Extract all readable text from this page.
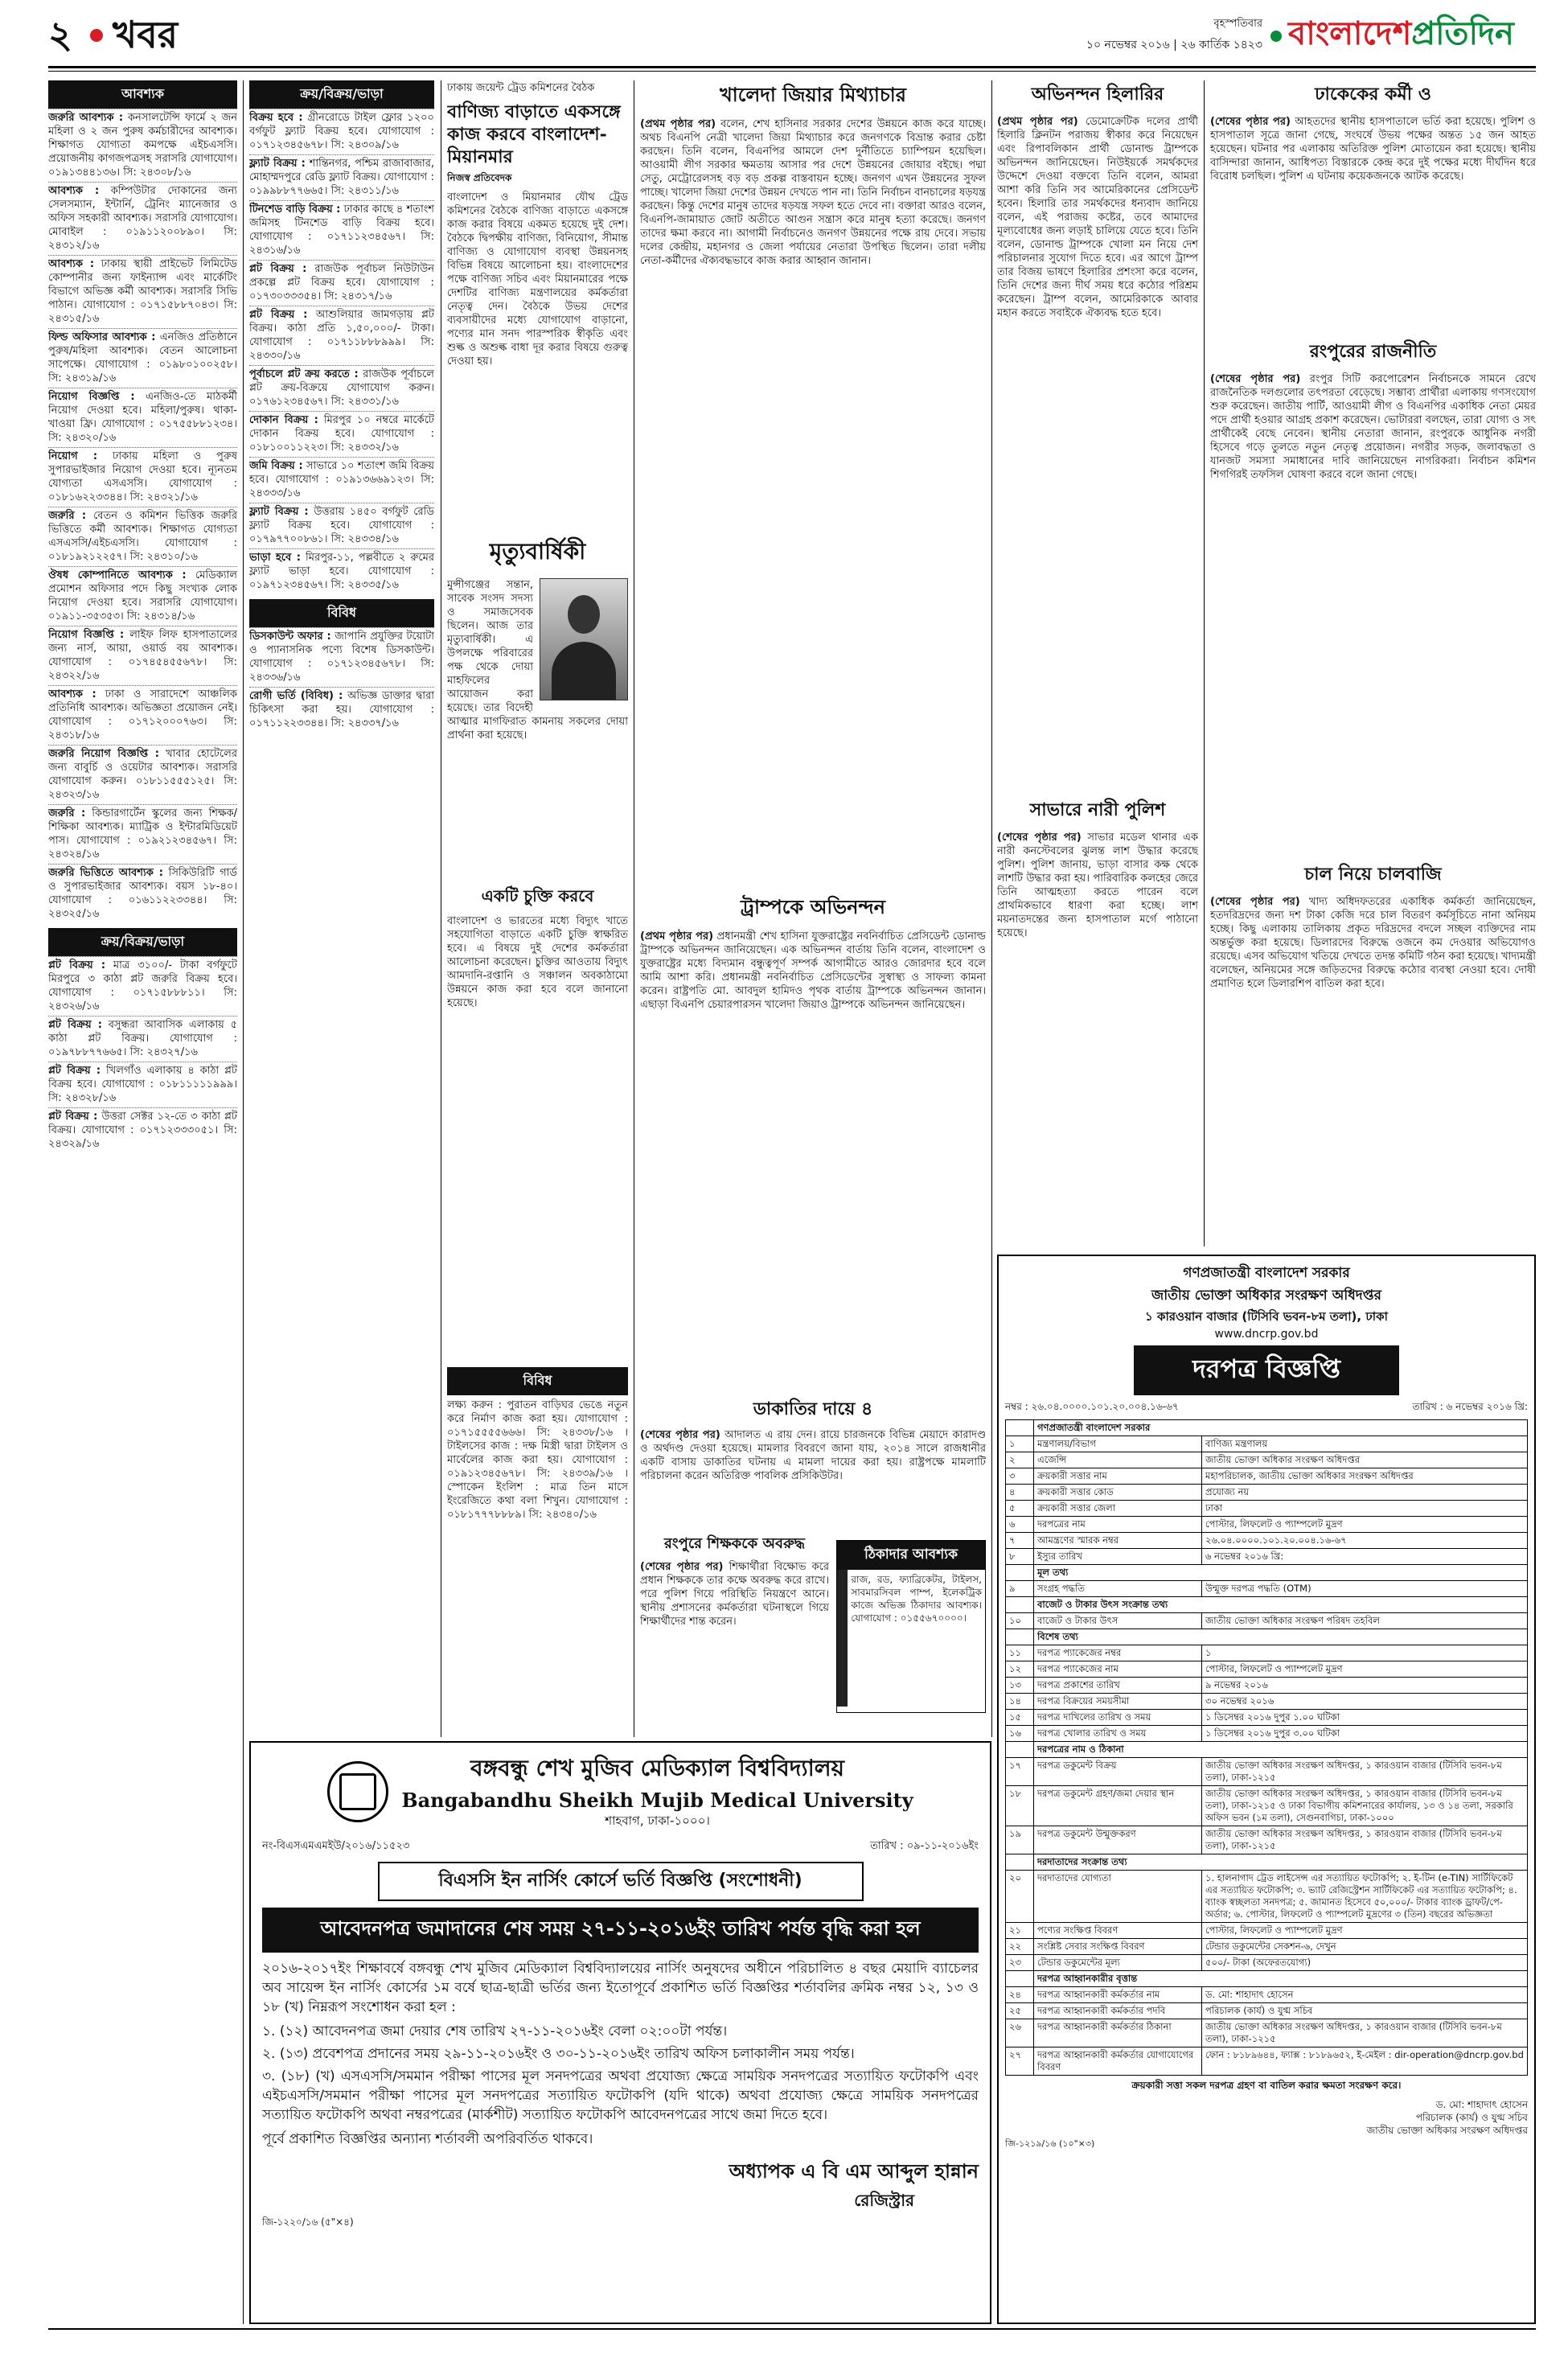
২ খবর	বৃহস্পতিবার
১০ নভেম্বর ২০১৬ | ২৬ কার্তিক ১৪২৩ বাংলাদেশপ্রতিদিন
আবশ্যক
জরুরি আবশ্যক : কনসালটেন্সি ফার্মে ২ জন মহিলা ও ২ জন পুরুষ কর্মচারীদের আবশ্যক। শিক্ষাগত যোগ্যতা কমপক্ষে এইচএসসি। প্রয়োজনীয় কাগজপত্রসহ সরাসরি যোগাযোগ। ০১৯১৩৪৪১৩৬। সি: ২৪৩০৮/১৬
আবশ্যক : কম্পিউটার দোকানের জন্য সেলসম্যান, ইন্টার্নি, ট্রেনিং ম্যানেজার ও অফিস সহকারী আবশ্যক। সরাসরি যোগাযোগ। মোবাইল : ০১৯১১২০০৮৯০। সি: ২৪৩১২/১৬
আবশ্যক : ঢাকায় স্থায়ী প্রাইভেট লিমিটেড কোম্পানীর জন্য ফাইন্যান্স এবং মার্কেটিং বিভাগে অভিজ্ঞ কর্মী আবশ্যক। সরাসরি সিভি পাঠান। যোগাযোগ : ০১৭১৫৮৮৭০৪৩। সি: ২৪৩১৫/১৬
ফিল্ড অফিসার আবশ্যক : এনজিও প্রতিষ্ঠানে পুরুষ/মহিলা আবশ্যক। বেতন আলোচনা সাপেক্ষে। যোগাযোগ : ০১৯৮০১০০২৫৮। সি: ২৪৩১৯/১৬
নিয়োগ বিজ্ঞপ্তি : এনজিও-তে মাঠকর্মী নিয়োগ দেওয়া হবে। মহিলা/পুরুষ। থাকা-খাওয়া ফ্রি। যোগাযোগ : ০১৭৫৫৮৮১২৩৪। সি: ২৪৩২০/১৬
নিয়োগ : ঢাকায় মহিলা ও পুরুষ সুপারভাইজার নিয়োগ দেওয়া হবে। ন্যূনতম যোগ্যতা এসএসসি। যোগাযোগ : ০১৮১৬২২৩৩৪৪। সি: ২৪৩২১/১৬
জরুরি : বেতন ও কমিশন ভিত্তিক জরুরি ভিত্তিতে কর্মী আবশ্যক। শিক্ষাগত যোগ্যতা এসএসসি/এইচএসসি। যোগাযোগ : ০১৮১৯২১২২৫৭। সি: ২৪৩১০/১৬
ঔষধ কোম্পানিতে আবশ্যক : মেডিক্যাল প্রমোশন অফিসার পদে কিছু সংখ্যক লোক নিয়োগ দেওয়া হবে। সরাসরি যোগাযোগ। ০১৯১১-৩৫৩৫৩। সি: ২৪৩১৪/১৬
নিয়োগ বিজ্ঞপ্তি : লাইফ লিফ হাসপাতালের জন্য নার্স, আয়া, ওয়ার্ড বয় আবশ্যক। যোগাযোগ : ০১৭৪৫৪৫৫৬৭৮। সি: ২৪৩২২/১৬
আবশ্যক : ঢাকা ও সারাদেশে আঞ্চলিক প্রতিনিধি আবশ্যক। অভিজ্ঞতা প্রয়োজন নেই। যোগাযোগ : ০১৭১২০০০৭৬৩। সি: ২৪৩১৮/১৬
জরুরি নিয়োগ বিজ্ঞপ্তি : খাবার হোটেলের জন্য বাবুর্চি ও ওয়েটার আবশ্যক। সরাসরি যোগাযোগ করুন। ০১৮১১৫৫৫১২৫। সি: ২৪৩২৩/১৬
জরুরি : কিন্ডারগার্টেন স্কুলের জন্য শিক্ষক/শিক্ষিকা আবশ্যক। ম্যাট্রিক ও ইন্টারমিডিয়েট পাস। যোগাযোগ : ০১৯২১২৩৪৫৬৭। সি: ২৪৩২৪/১৬
জরুরি ভিত্তিতে আবশ্যক : সিকিউরিটি গার্ড ও সুপারভাইজার আবশ্যক। বয়স ১৮-৪০। যোগাযোগ : ০১৬১১২২৩৩৪৪। সি: ২৪৩২৫/১৬
ক্রয়/বিক্রয়/ভাড়া
প্লট বিক্রয় : মাত্র ৩১০০/- টাকা বর্গফুটে মিরপুরে ৩ কাঠা প্লট জরুরি বিক্রয় হবে। যোগাযোগ : ০১৭১৫৮৮৮১১। সি: ২৪৩২৬/১৬
প্লট বিক্রয় : বসুন্ধরা আবাসিক এলাকায় ৫ কাঠা প্লট বিক্রয়। যোগাযোগ : ০১৯৭৮৮৭৭৬৬৫। সি: ২৪৩২৭/১৬
প্লট বিক্রয় : খিলগাঁও এলাকায় ৪ কাঠা প্লট বিক্রয় হবে। যোগাযোগ : ০১৮১১১১১৯৯৯। সি: ২৪৩২৮/১৬
প্লট বিক্রয় : উত্তরা সেক্টর ১২-তে ৩ কাঠা প্লট বিক্রয়। যোগাযোগ : ০১৭১২৩৩৩০৫১। সি: ২৪৩২৯/১৬
ক্রয়/বিক্রয়/ভাড়া
বিক্রয় হবে : গ্রীনরোডে টাইল ফ্লোর ১২০০ বর্গফুট ফ্ল্যাট বিক্রয় হবে। যোগাযোগ : ০১৭১২৩৪৫৬৭৮। সি: ২৪৩০৯/১৬
ফ্ল্যাট বিক্রয় : শান্তিনগর, পশ্চিম রাজাবাজার, মোহাম্মদপুরে রেডি ফ্ল্যাট বিক্রয়। যোগাযোগ : ০১৯৯৮৮৭৭৬৬৫। সি: ২৪৩১১/১৬
টিনশেড বাড়ি বিক্রয় : ঢাকার কাছে ৪ শতাংশ জমিসহ টিনশেড বাড়ি বিক্রয় হবে। যোগাযোগ : ০১৭১১২৩৪৫৬৭। সি: ২৪৩১৬/১৬
প্লট বিক্রয় : রাজউক পূর্বাচল নিউটাউন প্রকল্পে প্লট বিক্রয় হবে। যোগাযোগ : ০১৭৩০৩৩৩৫৪। সি: ২৪৩১৭/১৬
প্লট বিক্রয় : আশুলিয়ার জামগড়ায় প্লট বিক্রয়। কাঠা প্রতি ১,৫০,০০০/- টাকা। যোগাযোগ : ০১৭১১৮৮৮৯৯৯। সি: ২৪৩৩০/১৬
পূর্বাচলে প্লট ক্রয় করতে : রাজউক পূর্বাচলে প্লট ক্রয়-বিক্রয়ে যোগাযোগ করুন। ০১৭৬১২৩৪৫৬৭। সি: ২৪৩৩১/১৬
দোকান বিক্রয় : মিরপুর ১০ নম্বরে মার্কেটে দোকান বিক্রয় হবে। যোগাযোগ : ০১৮১০০১১২২৩। সি: ২৪৩৩২/১৬
জমি বিক্রয় : সাভারে ১০ শতাংশ জমি বিক্রয় হবে। যোগাযোগ : ০১৯১৩৬৬৯১২৩। সি: ২৪৩৩৩/১৬
ফ্ল্যাট বিক্রয় : উত্তরায় ১৪৫০ বর্গফুট রেডি ফ্ল্যাট বিক্রয় হবে। যোগাযোগ : ০১৭৯৭৭০০৮৬১। সি: ২৪৩৩৪/১৬
ভাড়া হবে : মিরপুর-১১, পল্লবীতে ২ রুমের ফ্ল্যাট ভাড়া হবে। যোগাযোগ : ০১৯৭১২৩৪৫৬৭। সি: ২৪৩৩৫/১৬
বিবিধ
ডিসকাউন্ট অফার : জাপানি প্রযুক্তির টয়োটা ও প্যানাসনিক পণ্যে বিশেষ ডিসকাউন্ট। যোগাযোগ : ০১৭১২৩৪৫৬৭৮। সি: ২৪৩৩৬/১৬
রোগী ভর্তি (বিবিধ) : অভিজ্ঞ ডাক্তার দ্বারা চিকিৎসা করা হয়। যোগাযোগ : ০১৭১১২২৩৩৪৪। সি: ২৪৩৩৭/১৬
ঢাকায় জয়েন্ট ট্রেড কমিশনের বৈঠক
বাণিজ্য বাড়াতে একসঙ্গে কাজ করবে বাংলাদেশ-মিয়ানমার
নিজস্ব প্রতিবেদক

বাংলাদেশ ও মিয়ানমার যৌথ ট্রেড কমিশনের বৈঠকে বাণিজ্য বাড়াতে একসঙ্গে কাজ করার বিষয়ে একমত হয়েছে দুই দেশ। বৈঠকে দ্বিপক্ষীয় বাণিজ্য, বিনিয়োগ, সীমান্ত বাণিজ্য ও যোগাযোগ ব্যবস্থা উন্নয়নসহ বিভিন্ন বিষয়ে আলোচনা হয়। বাংলাদেশের পক্ষে বাণিজ্য সচিব এবং মিয়ানমারের পক্ষে দেশটির বাণিজ্য মন্ত্রণালয়ের কর্মকর্তারা নেতৃত্ব দেন। বৈঠকে উভয় দেশের ব্যবসায়ীদের মধ্যে যোগাযোগ বাড়ানো, পণ্যের মান সনদ পারস্পরিক স্বীকৃতি এবং শুল্ক ও অশুল্ক বাধা দূর করার বিষয়ে গুরুত্ব দেওয়া হয়।

মৃত্যুবার্ষিকী

মুন্সীগঞ্জের সন্তান, সাবেক সংসদ সদস্য ও সমাজসেবক ছিলেন। আজ তার মৃত্যুবার্ষিকী। এ উপলক্ষে পরিবারের পক্ষ থেকে দোয়া মাহফিলের আয়োজন করা হয়েছে। তার বিদেহী আত্মার মাগফিরাত কামনায় সকলের দোয়া প্রার্থনা করা হয়েছে।

একটি চুক্তি করবে

বাংলাদেশ ও ভারতের মধ্যে বিদ্যুৎ খাতে সহযোগিতা বাড়াতে একটি চুক্তি স্বাক্ষরিত হবে। এ বিষয়ে দুই দেশের কর্মকর্তারা আলোচনা করেছেন। চুক্তির আওতায় বিদ্যুৎ আমদানি-রপ্তানি ও সঞ্চালন অবকাঠামো উন্নয়নে কাজ করা হবে বলে জানানো হয়েছে।

বিবিধ

লক্ষ্য করুন : পুরাতন বাড়িঘর ভেঙে নতুন করে নির্মাণ কাজ করা হয়। যোগাযোগ : ০১৭১৫৫৫৫৬৬৬। সি: ২৪৩৩৮/১৬ । টাইলসের কাজ : দক্ষ মিস্ত্রী দ্বারা টাইলস ও মার্বেলের কাজ করা হয়। যোগাযোগ : ০১৯১২৩৪৫৬৭৮। সি: ২৪৩৩৯/১৬ । স্পোকেন ইংলিশ : মাত্র তিন মাসে ইংরেজিতে কথা বলা শিখুন। যোগাযোগ : ০১৮১৭৭৭৮৮৮৯। সি: ২৪৩৪০/১৬

খালেদা জিয়ার মিথ্যাচার

(প্রথম পৃষ্ঠার পর) বলেন, শেখ হাসিনার সরকার দেশের উন্নয়নে কাজ করে যাচ্ছে। অথচ বিএনপি নেত্রী খালেদা জিয়া মিথ্যাচার করে জনগণকে বিভ্রান্ত করার চেষ্টা করছেন। তিনি বলেন, বিএনপির আমলে দেশ দুর্নীতিতে চ্যাম্পিয়ন হয়েছিল। আওয়ামী লীগ সরকার ক্ষমতায় আসার পর দেশে উন্নয়নের জোয়ার বইছে। পদ্মা সেতু, মেট্রোরেলসহ বড় বড় প্রকল্প বাস্তবায়ন হচ্ছে। জনগণ এখন উন্নয়নের সুফল পাচ্ছে। খালেদা জিয়া দেশের উন্নয়ন দেখতে পান না। তিনি নির্বাচন বানচালের ষড়যন্ত্র করছেন। কিন্তু দেশের মানুষ তাদের ষড়যন্ত্র সফল হতে দেবে না। বক্তারা আরও বলেন, বিএনপি-জামায়াত জোট অতীতে আগুন সন্ত্রাস করে মানুষ হত্যা করেছে। জনগণ তাদের ক্ষমা করবে না। আগামী নির্বাচনেও জনগণ উন্নয়নের পক্ষে রায় দেবে। সভায় দলের কেন্দ্রীয়, মহানগর ও জেলা পর্যায়ের নেতারা উপস্থিত ছিলেন। তারা দলীয় নেতা-কর্মীদের ঐক্যবদ্ধভাবে কাজ করার আহ্বান জানান।

ট্রাম্পকে অভিনন্দন

(প্রথম পৃষ্ঠার পর) প্রধানমন্ত্রী শেখ হাসিনা যুক্তরাষ্ট্রের নবনির্বাচিত প্রেসিডেন্ট ডোনাল্ড ট্রাম্পকে অভিনন্দন জানিয়েছেন। এক অভিনন্দন বার্তায় তিনি বলেন, বাংলাদেশ ও যুক্তরাষ্ট্রের মধ্যে বিদ্যমান বন্ধুত্বপূর্ণ সম্পর্ক আগামীতে আরও জোরদার হবে বলে আমি আশা করি। প্রধানমন্ত্রী নবনির্বাচিত প্রেসিডেন্টের সুস্বাস্থ্য ও সাফল্য কামনা করেন। রাষ্ট্রপতি মো. আবদুল হামিদও পৃথক বার্তায় ট্রাম্পকে অভিনন্দন জানান। এছাড়া বিএনপি চেয়ারপারসন খালেদা জিয়াও ট্রাম্পকে অভিনন্দন জানিয়েছেন।

ডাকাতির দায়ে ৪

(শেষের পৃষ্ঠার পর) আদালত এ রায় দেন। রায়ে চারজনকে বিভিন্ন মেয়াদে কারাদণ্ড ও অর্থদণ্ড দেওয়া হয়েছে। মামলার বিবরণে জানা যায়, ২০১৪ সালে রাজধানীর একটি বাসায় ডাকাতির ঘটনায় এ মামলা দায়ের করা হয়। রাষ্ট্রপক্ষে মামলাটি পরিচালনা করেন অতিরিক্ত পাবলিক প্রসিকিউটর।

রংপুরে শিক্ষককে অবরুদ্ধ

(শেষের পৃষ্ঠার পর) শিক্ষার্থীরা বিক্ষোভ করে প্রধান শিক্ষককে তার কক্ষে অবরুদ্ধ করে রাখে। পরে পুলিশ গিয়ে পরিস্থিতি নিয়ন্ত্রণে আনে। স্থানীয় প্রশাসনের কর্মকর্তারা ঘটনাস্থলে গিয়ে শিক্ষার্থীদের শান্ত করেন।

ঠিকাদার আবশ্যক

রাজ, রড, ফ্যাব্রিকেটর, টাইলস, সাবমারসিবল পাম্প, ইলেকট্রিক কাজে অভিজ্ঞ ঠিকাদার আবশ্যক। যোগাযোগ : ০১৫৫৬৭০০০০।

অভিনন্দন হিলারির

(প্রথম পৃষ্ঠার পর) ডেমোক্রেটিক দলের প্রার্থী হিলারি ক্লিনটন পরাজয় স্বীকার করে নিয়েছেন এবং রিপাবলিকান প্রার্থী ডোনাল্ড ট্রাম্পকে অভিনন্দন জানিয়েছেন। নিউইয়র্কে সমর্থকদের উদ্দেশে দেওয়া বক্তব্যে তিনি বলেন, আমরা আশা করি তিনি সব আমেরিকানের প্রেসিডেন্ট হবেন। হিলারি তার সমর্থকদের ধন্যবাদ জানিয়ে বলেন, এই পরাজয় কষ্টের, তবে আমাদের মূল্যবোধের জন্য লড়াই চালিয়ে যেতে হবে। তিনি বলেন, ডোনাল্ড ট্রাম্পকে খোলা মন নিয়ে দেশ পরিচালনার সুযোগ দিতে হবে। এর আগে ট্রাম্প তার বিজয় ভাষণে হিলারির প্রশংসা করে বলেন, তিনি দেশের জন্য দীর্ঘ সময় ধরে কঠোর পরিশ্রম করেছেন। ট্রাম্প বলেন, আমেরিকাকে আবার মহান করতে সবাইকে ঐক্যবদ্ধ হতে হবে।

সাভারে নারী পুলিশ

(শেষের পৃষ্ঠার পর) সাভার মডেল থানার এক নারী কনস্টেবলের ঝুলন্ত লাশ উদ্ধার করেছে পুলিশ। পুলিশ জানায়, ভাড়া বাসার কক্ষ থেকে লাশটি উদ্ধার করা হয়। পারিবারিক কলহের জেরে তিনি আত্মহত্যা করতে পারেন বলে প্রাথমিকভাবে ধারণা করা হচ্ছে। লাশ ময়নাতদন্তের জন্য হাসপাতাল মর্গে পাঠানো হয়েছে।

ঢাকেকের কর্মী ও

(শেষের পৃষ্ঠার পর) আহতদের স্থানীয় হাসপাতালে ভর্তি করা হয়েছে। পুলিশ ও হাসপাতাল সূত্রে জানা গেছে, সংঘর্ষে উভয় পক্ষের অন্তত ১৫ জন আহত হয়েছেন। ঘটনার পর এলাকায় অতিরিক্ত পুলিশ মোতায়েন করা হয়েছে। স্থানীয় বাসিন্দারা জানান, আধিপত্য বিস্তারকে কেন্দ্র করে দুই পক্ষের মধ্যে দীর্ঘদিন ধরে বিরোধ চলছিল। পুলিশ এ ঘটনায় কয়েকজনকে আটক করেছে।

রংপুরের রাজনীতি

(শেষের পৃষ্ঠার পর) রংপুর সিটি করপোরেশন নির্বাচনকে সামনে রেখে রাজনৈতিক দলগুলোর তৎপরতা বেড়েছে। সম্ভাব্য প্রার্থীরা এলাকায় গণসংযোগ শুরু করেছেন। জাতীয় পার্টি, আওয়ামী লীগ ও বিএনপির একাধিক নেতা মেয়র পদে প্রার্থী হওয়ার আগ্রহ প্রকাশ করেছেন। ভোটাররা বলছেন, তারা যোগ্য ও সৎ প্রার্থীকেই বেছে নেবেন। স্থানীয় নেতারা জানান, রংপুরকে আধুনিক নগরী হিসেবে গড়ে তুলতে নতুন নেতৃত্ব প্রয়োজন। নগরীর সড়ক, জলাবদ্ধতা ও যানজট সমস্যা সমাধানের দাবি জানিয়েছেন নাগরিকরা। নির্বাচন কমিশন শিগগিরই তফসিল ঘোষণা করবে বলে জানা গেছে।

চাল নিয়ে চালবাজি

(শেষের পৃষ্ঠার পর) খাদ্য অধিদফতরের একাধিক কর্মকর্তা জানিয়েছেন, হতদরিদ্রদের জন্য দশ টাকা কেজি দরে চাল বিতরণ কর্মসূচিতে নানা অনিয়ম হচ্ছে। কিছু এলাকায় তালিকায় প্রকৃত দরিদ্রদের বদলে সচ্ছল ব্যক্তিদের নাম অন্তর্ভুক্ত করা হয়েছে। ডিলারদের বিরুদ্ধে ওজনে কম দেওয়ার অভিযোগও রয়েছে। এসব অভিযোগ খতিয়ে দেখতে তদন্ত কমিটি গঠন করা হয়েছে। খাদ্যমন্ত্রী বলেছেন, অনিয়মের সঙ্গে জড়িতদের বিরুদ্ধে কঠোর ব্যবস্থা নেওয়া হবে। দোষী প্রমাণিত হলে ডিলারশিপ বাতিল করা হবে।

গণপ্রজাতন্ত্রী বাংলাদেশ সরকার
জাতীয় ভোক্তা অধিকার সংরক্ষণ অধিদপ্তর
১ কারওয়ান বাজার (টিসিবি ভবন-৮ম তলা), ঢাকা
www.dncrp.gov.bd
দরপত্র বিজ্ঞপ্তি
নম্বর : ২৬.০৪.০০০০.১০১.২০.০০৪.১৬-৬৭	তারিখ : ৬ নভেম্বর ২০১৬ খ্রি:
	গণপ্রজাতন্ত্রী বাংলাদেশ সরকার	
১	মন্ত্রণালয়/বিভাগ	বাণিজ্য মন্ত্রণালয়
২	এজেন্সি	জাতীয় ভোক্তা অধিকার সংরক্ষণ অধিদপ্তর
৩	ক্রয়কারী সত্তার নাম	মহাপরিচালক, জাতীয় ভোক্তা অধিকার সংরক্ষণ অধিদপ্তর
৪	ক্রয়কারী সত্তার কোড	প্রযোজ্য নয়
৫	ক্রয়কারী সত্তার জেলা	ঢাকা
৬	দরপত্রের নাম	পোস্টার, লিফলেট ও প্যাম্পলেট মুদ্রণ
৭	আমন্ত্রণের স্মারক নম্বর	২৬.০৪.০০০০.১০১.২০.০০৪.১৬-৬৭
৮	ইস্যুর তারিখ	৬ নভেম্বর ২০১৬ খ্রি:
	মূল তথ্য	
৯	সংগ্রহ পদ্ধতি	উন্মুক্ত দরপত্র পদ্ধতি (OTM)
	বাজেট ও টাকার উৎস সংক্রান্ত তথ্য	
১০	বাজেট ও টাকার উৎস	জাতীয় ভোক্তা অধিকার সংরক্ষণ পরিষদ তহবিল
	বিশেষ তথ্য	
১১	দরপত্র প্যাকেজের নম্বর	১
১২	দরপত্র প্যাকেজের নাম	পোস্টার, লিফলেট ও প্যাম্পলেট মুদ্রণ
১৩	দরপত্র প্রকাশের তারিখ	৯ নভেম্বর ২০১৬
১৪	দরপত্র বিক্রয়ের সময়সীমা	৩০ নভেম্বর ২০১৬
১৫	দরপত্র দাখিলের তারিখ ও সময়	১ ডিসেম্বর ২০১৬ দুপুর ১.০০ ঘটিকা
১৬	দরপত্র খোলার তারিখ ও সময়	১ ডিসেম্বর ২০১৬ দুপুর ৩.০০ ঘটিকা
	দরপত্রের নাম ও ঠিকানা	
১৭	দরপত্র ডকুমেন্ট বিক্রয়	জাতীয় ভোক্তা অধিকার সংরক্ষণ অধিদপ্তর, ১ কারওয়ান বাজার (টিসিবি ভবন-৮ম তলা), ঢাকা-১২১৫
১৮	দরপত্র ডকুমেন্ট গ্রহণ/জমা দেয়ার স্থান	জাতীয় ভোক্তা অধিকার সংরক্ষণ অধিদপ্তর, ১ কারওয়ান বাজার (টিসিবি ভবন-৮ম তলা), ঢাকা-১২১৫ ও ঢাকা বিভাগীয় কমিশনারের কার্যালয়, ১৩ ও ১৪ তলা, সরকারি অফিস ভবন (১ম তলা), সেগুনবাগিচা, ঢাকা-১০০০
১৯	দরপত্র ডকুমেন্ট উন্মুক্তকরণ	জাতীয় ভোক্তা অধিকার সংরক্ষণ অধিদপ্তর, ১ কারওয়ান বাজার (টিসিবি ভবন-৮ম তলা), ঢাকা-১২১৫
	দরদাতাদের সংক্রান্ত তথ্য	
২০	দরদাতাদের যোগ্যতা	১. হালনাগাদ ট্রেড লাইসেন্স এর সত্যায়িত ফটোকপি; ২. ই-টিন (e-TIN) সার্টিফিকেট এর সত্যায়িত ফটোকপি; ৩. ভ্যাট রেজিস্ট্রেশন সার্টিফিকেট এর সত্যায়িত ফটোকপি; ৪. ব্যাংক স্বচ্ছলতা সনদপত্র; ৫. জামানত হিসেবে ৫০,০০০/- টাকার ব্যাংক ড্রাফট/পে-অর্ডার; ৬. পোস্টার, লিফলেট ও প্যাম্পলেট মুদ্রণের ৩ (তিন) বছরের অভিজ্ঞতা
২১	পণ্যের সংক্ষিপ্ত বিবরণ	পোস্টার, লিফলেট ও প্যাম্পলেট মুদ্রণ
২২	সংশ্লিষ্ট সেবার সংক্ষিপ্ত বিবরণ	টেন্ডার ডকুমেন্টের সেকশন-৬, দেখুন
২৩	টেন্ডার ডকুমেন্টের মূল্য	৫০০/- টাকা (অফেরতযোগ্য)
	দরপত্র আহ্বানকারীর বৃত্তান্ত	
২৪	দরপত্র আহ্বানকারী কর্মকর্তার নাম	ড. মো: শাহাদাৎ হোসেন
২৫	দরপত্র আহ্বানকারী কর্মকর্তার পদবি	পরিচালক (কার্য) ও যুগ্ম সচিব
২৬	দরপত্র আহ্বানকারী কর্মকর্তার ঠিকানা	জাতীয় ভোক্তা অধিকার সংরক্ষণ অধিদপ্তর, ১ কারওয়ান বাজার (টিসিবি ভবন-৮ম তলা), ঢাকা-১২১৫
২৭	দরপত্র আহ্বানকারী কর্মকর্তার যোগাযোগের বিবরণ	ফোন : ৮১৮৯৬৪৪, ফ্যাক্স : ৮১৮৯৬৫২, ই-মেইল : dir-operation@dncrp.gov.bd
ক্রয়কারী সত্তা সকল দরপত্র গ্রহণ বা বাতিল করার ক্ষমতা সংরক্ষণ করে।
ড. মো: শাহাদাৎ হোসেন
পরিচালক (কার্য) ও যুগ্ম সচিব
জাতীয় ভোক্তা অধিকার সংরক্ষণ অধিদপ্তর
জি-১২১৯/১৬ (১০"×৩)
বঙ্গবন্ধু শেখ মুজিব মেডিক্যাল বিশ্ববিদ্যালয়
Bangabandhu Sheikh Mujib Medical University
শাহবাগ, ঢাকা-১০০০।
নং-বিএসএমএমইউ/২০১৬/১১৫২৩	তারিখ : ০৯-১১-২০১৬ইং
বিএসসি ইন নার্সিং কোর্সে ভর্তি বিজ্ঞপ্তি (সংশোধনী)
আবেদনপত্র জমাদানের শেষ সময় ২৭-১১-২০১৬ইং তারিখ পর্যন্ত বৃদ্ধি করা হল

২০১৬-২০১৭ইং শিক্ষাবর্ষে বঙ্গবন্ধু শেখ মুজিব মেডিক্যাল বিশ্ববিদ্যালয়ের নার্সিং অনুষদের অধীনে পরিচালিত ৪ বছর মেয়াদি ব্যাচেলর অব সায়েন্স ইন নার্সিং কোর্সের ১ম বর্ষে ছাত্র-ছাত্রী ভর্তির জন্য ইতোপূর্বে প্রকাশিত ভর্তি বিজ্ঞপ্তির শর্তাবলির ক্রমিক নম্বর ১২, ১৩ ও ১৮ (খ) নিম্নরূপ সংশোধন করা হল :

১. (১২) আবেদনপত্র জমা দেয়ার শেষ তারিখ ২৭-১১-২০১৬ইং বেলা ০২:০০টা পর্যন্ত।

২. (১৩) প্রবেশপত্র প্রদানের সময় ২৯-১১-২০১৬ইং ও ৩০-১১-২০১৬ইং তারিখ অফিস চলাকালীন সময় পর্যন্ত।

৩. (১৮) (খ) এসএসসি/সমমান পরীক্ষা পাসের মূল সনদপত্রের অথবা প্রযোজ্য ক্ষেত্রে সাময়িক সনদপত্রের সত্যায়িত ফটোকপি এবং এইচএসসি/সমমান পরীক্ষা পাসের মূল সনদপত্রের সত্যায়িত ফটোকপি (যদি থাকে) অথবা প্রযোজ্য ক্ষেত্রে সাময়িক সনদপত্রের সত্যায়িত ফটোকপি অথবা নম্বরপত্রের (মার্কশীট) সত্যায়িত ফটোকপি আবেদনপত্রের সাথে জমা দিতে হবে।

পূর্বে প্রকাশিত বিজ্ঞপ্তির অন্যান্য শর্তাবলী অপরিবর্তিত থাকবে।

অধ্যাপক এ বি এম আব্দুল হান্নান
রেজিস্ট্রার
জি-১২২০/১৬ (৫"×৪)
